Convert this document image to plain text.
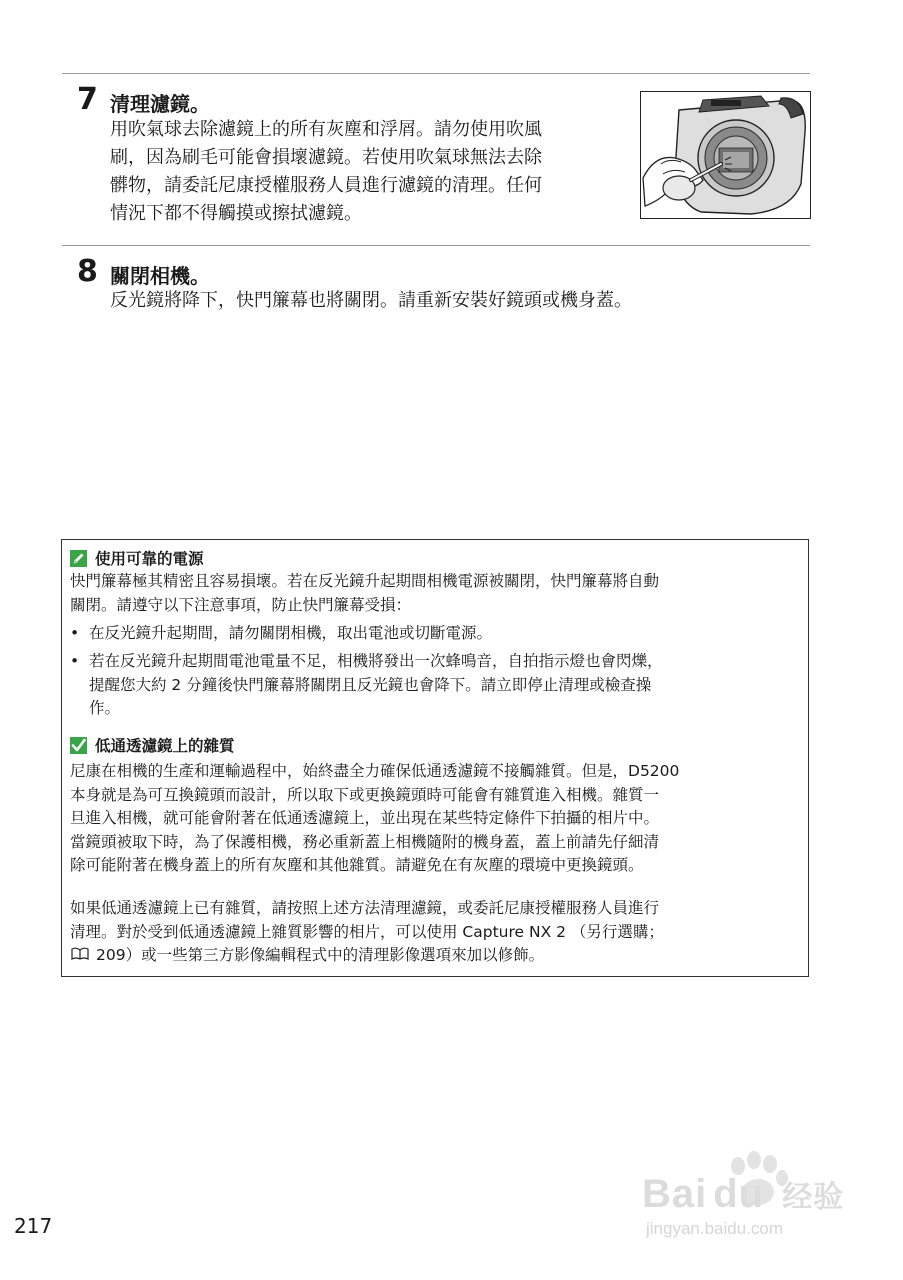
7 清理濾鏡。

用吹氣球去除濾鏡上的所有灰塵和浮屑。請勿使用吹風

刷，因為刷毛可能會損壞濾鏡。若使用吹氣球無法去除

髒物，請委託尼康授權服務人員進行濾鏡的清理。任何

情況下都不得觸摸或擦拭濾鏡。

8 關閉相機。

反光鏡將降下，快門簾幕也將關閉。請重新安裝好鏡頭或機身蓋。

使用可靠的電源

快門簾幕極其精密且容易損壞。若在反光鏡升起期間相機電源被關閉，快門簾幕將自動

關閉。請遵守以下注意事項，防止快門簾幕受損：

• 在反光鏡升起期間，請勿關閉相機，取出電池或切斷電源。
• 若在反光鏡升起期間電池電量不足，相機將發出一次蜂鳴音，自拍指示燈也會閃爍，
提醒您大約 2 分鐘後快門簾幕將關閉且反光鏡也會降下。請立即停止清理或檢查操
作。
低通透濾鏡上的雜質

尼康在相機的生產和運輸過程中，始終盡全力確保低通透濾鏡不接觸雜質。但是，D5200

本身就是為可互換鏡頭而設計，所以取下或更換鏡頭時可能會有雜質進入相機。雜質一

旦進入相機，就可能會附著在低通透濾鏡上，並出現在某些特定條件下拍攝的相片中。

當鏡頭被取下時，為了保護相機，務必重新蓋上相機隨附的機身蓋，蓋上前請先仔細清

除可能附著在機身蓋上的所有灰塵和其他雜質。請避免在有灰塵的環境中更換鏡頭。

如果低通透濾鏡上已有雜質，請按照上述方法清理濾鏡，或委託尼康授權服務人員進行

清理。對於受到低通透濾鏡上雜質影響的相片，可以使用 Capture NX 2 （另行選購；

209）或一些第三方影像編輯程式中的清理影像選項來加以修飾。

217
Bai du 经验
jingyan.baidu.com
